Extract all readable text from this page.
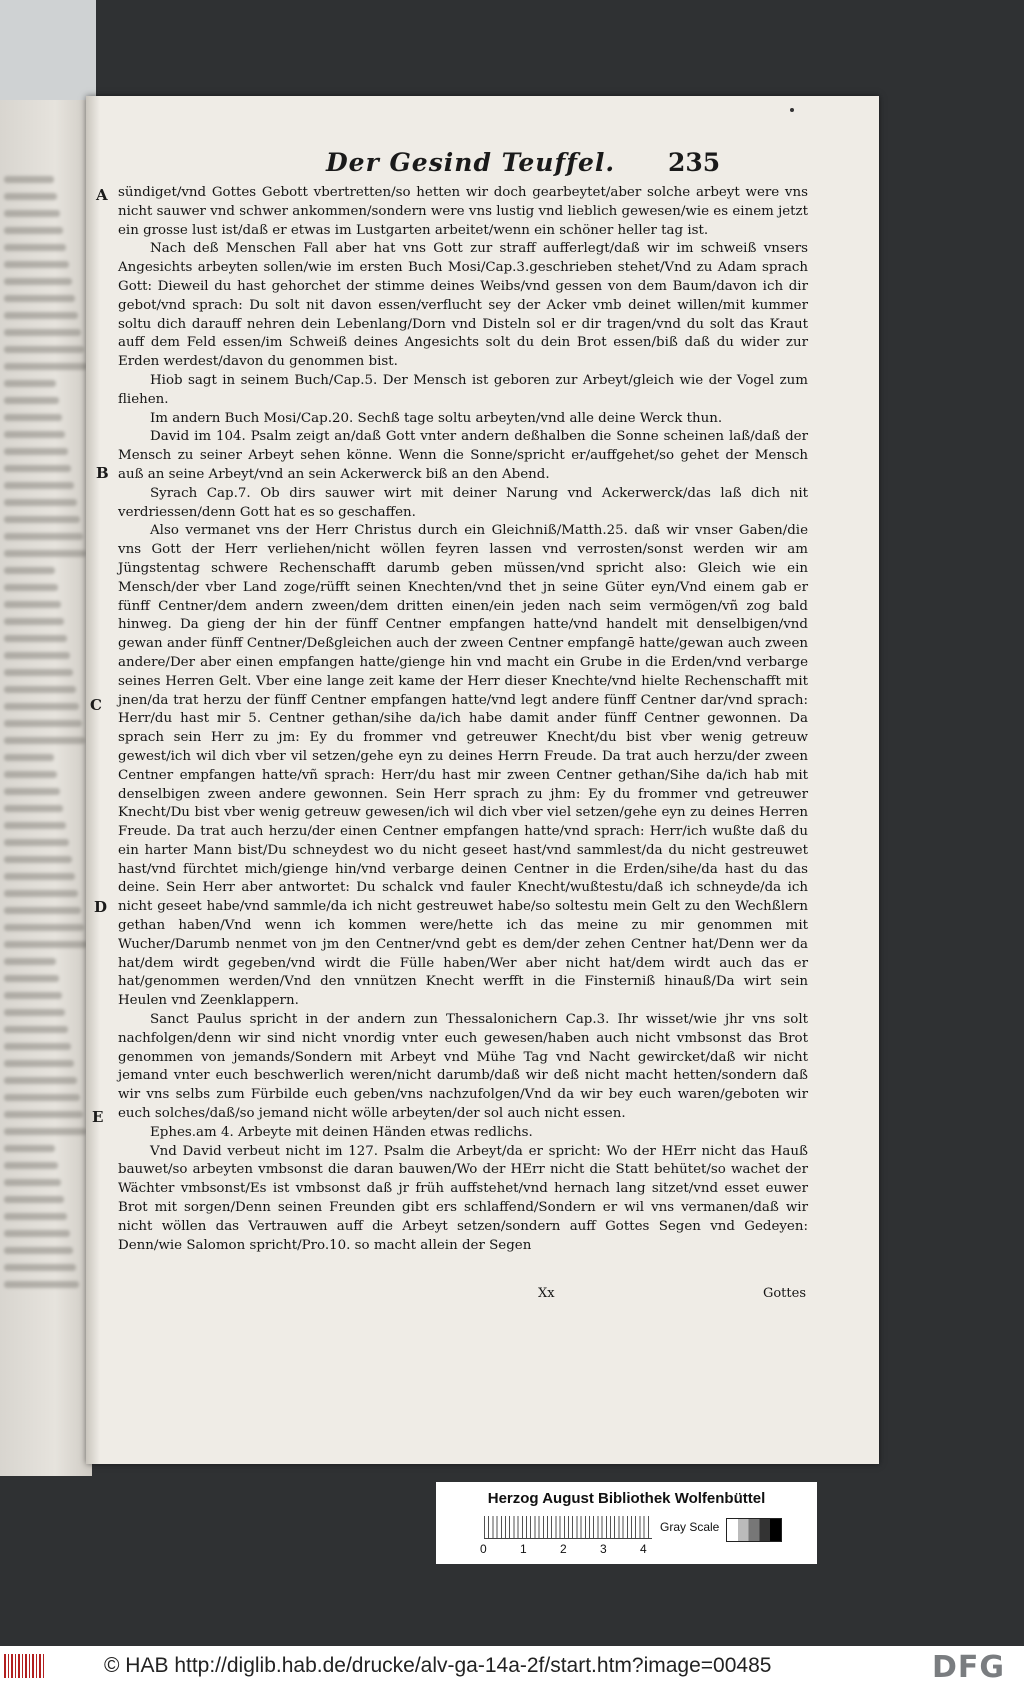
Der Gesind Teuffel. 235
A
B
C
D
E

sündiget/vnd Gottes Gebott vbertretten/so hetten wir doch gearbeytet/aber solche arbeyt were vns nicht sauwer vnd schwer ankommen/sondern were vns lustig vnd lieblich gewesen/wie es einem jetzt ein grosse lust ist/daß er etwas im Lustgarten arbeitet/wenn ein schöner heller tag ist.

Nach deß Menschen Fall aber hat vns Gott zur straff aufferlegt/daß wir im schweiß vnsers Angesichts arbeyten sollen/wie im ersten Buch Mosi/Cap.3.geschrieben stehet/Vnd zu Adam sprach Gott: Dieweil du hast gehorchet der stimme deines Weibs/vnd gessen von dem Baum/davon ich dir gebot/vnd sprach: Du solt nit davon essen/verflucht sey der Acker vmb deinet willen/mit kummer soltu dich darauff nehren dein Lebenlang/Dorn vnd Disteln sol er dir tragen/vnd du solt das Kraut auff dem Feld essen/im Schweiß deines Angesichts solt du dein Brot essen/biß daß du wider zur Erden werdest/davon du genommen bist.

Hiob sagt in seinem Buch/Cap.5. Der Mensch ist geboren zur Arbeyt/gleich wie der Vogel zum fliehen.

Im andern Buch Mosi/Cap.20. Sechß tage soltu arbeyten/vnd alle deine Werck thun.

David im 104. Psalm zeigt an/daß Gott vnter andern deßhalben die Sonne scheinen laß/daß der Mensch zu seiner Arbeyt sehen könne. Wenn die Sonne/spricht er/auffgehet/so gehet der Mensch auß an seine Arbeyt/vnd an sein Ackerwerck biß an den Abend.

Syrach Cap.7. Ob dirs sauwer wirt mit deiner Narung vnd Ackerwerck/das laß dich nit verdriessen/denn Gott hat es so geschaffen.

Also vermanet vns der Herr Christus durch ein Gleichniß/Matth.25. daß wir vnser Gaben/die vns Gott der Herr verliehen/nicht wöllen feyren lassen vnd verrosten/sonst werden wir am Jüngstentag schwere Rechenschafft darumb geben müssen/vnd spricht also: Gleich wie ein Mensch/der vber Land zoge/rüfft seinen Knechten/vnd thet jn seine Güter eyn/Vnd einem gab er fünff Centner/dem andern zween/dem dritten einen/ein jeden nach seim vermögen/vñ zog bald hinweg. Da gieng der hin der fünff Centner empfangen hatte/vnd handelt mit denselbigen/vnd gewan ander fünff Centner/Deßgleichen auch der zween Centner empfangē hatte/gewan auch zween andere/Der aber einen empfangen hatte/gienge hin vnd macht ein Grube in die Erden/vnd verbarge seines Herren Gelt. Vber eine lange zeit kame der Herr dieser Knechte/vnd hielte Rechenschafft mit jnen/da trat herzu der fünff Centner empfangen hatte/vnd legt andere fünff Centner dar/vnd sprach: Herr/du hast mir 5. Centner gethan/sihe da/ich habe damit ander fünff Centner gewonnen. Da sprach sein Herr zu jm: Ey du frommer vnd getreuwer Knecht/du bist vber wenig getreuw gewest/ich wil dich vber vil setzen/gehe eyn zu deines Herrn Freude. Da trat auch herzu/der zween Centner empfangen hatte/vñ sprach: Herr/du hast mir zween Centner gethan/Sihe da/ich hab mit denselbigen zween andere gewonnen. Sein Herr sprach zu jhm: Ey du frommer vnd getreuwer Knecht/Du bist vber wenig getreuw gewesen/ich wil dich vber viel setzen/gehe eyn zu deines Herren Freude. Da trat auch herzu/der einen Centner empfangen hatte/vnd sprach: Herr/ich wußte daß du ein harter Mann bist/Du schneydest wo du nicht geseet hast/vnd sammlest/da du nicht gestreuwet hast/vnd fürchtet mich/gienge hin/vnd verbarge deinen Centner in die Erden/sihe/da hast du das deine. Sein Herr aber antwortet: Du schalck vnd fauler Knecht/wußtestu/daß ich schneyde/da ich nicht geseet habe/vnd sammle/da ich nicht gestreuwet habe/so soltestu mein Gelt zu den Wechßlern gethan haben/Vnd wenn ich kommen were/hette ich das meine zu mir genommen mit Wucher/Darumb nenmet von jm den Centner/vnd gebt es dem/der zehen Centner hat/Denn wer da hat/dem wirdt gegeben/vnd wirdt die Fülle haben/Wer aber nicht hat/dem wirdt auch das er hat/genommen werden/Vnd den vnnützen Knecht werfft in die Finsterniß hinauß/Da wirt sein Heulen vnd Zeenklappern.

Sanct Paulus spricht in der andern zun Thessalonichern Cap.3. Ihr wisset/wie jhr vns solt nachfolgen/denn wir sind nicht vnordig vnter euch gewesen/haben auch nicht vmbsonst das Brot genommen von jemands/Sondern mit Arbeyt vnd Mühe Tag vnd Nacht gewircket/daß wir nicht jemand vnter euch beschwerlich weren/nicht darumb/daß wir deß nicht macht hetten/sondern daß wir vns selbs zum Fürbilde euch geben/vns nachzufolgen/Vnd da wir bey euch waren/geboten wir euch solches/daß/so jemand nicht wölle arbeyten/der sol auch nicht essen.

Ephes.am 4. Arbeyte mit deinen Händen etwas redlichs.

Vnd David verbeut nicht im 127. Psalm die Arbeyt/da er spricht: Wo der HErr nicht das Hauß bauwet/so arbeyten vmbsonst die daran bauwen/Wo der HErr nicht die Statt behütet/so wachet der Wächter vmbsonst/Es ist vmbsonst daß jr früh auffstehet/vnd hernach lang sitzet/vnd esset euwer Brot mit sorgen/Denn seinen Freunden gibt ers schlaffend/Sondern er wil vns vermanen/daß wir nicht wöllen das Vertrauwen auff die Arbeyt setzen/sondern auff Gottes Segen vnd Gedeyen: Denn/wie Salomon spricht/Pro.10. so macht allein der Segen

Xx	Gottes
Herzog August Bibliothek Wolfenbüttel
0	1	2	3	4
Gray Scale
© HAB http://diglib.hab.de/drucke/alv-ga-14a-2f/start.htm?image=00485	DFG
